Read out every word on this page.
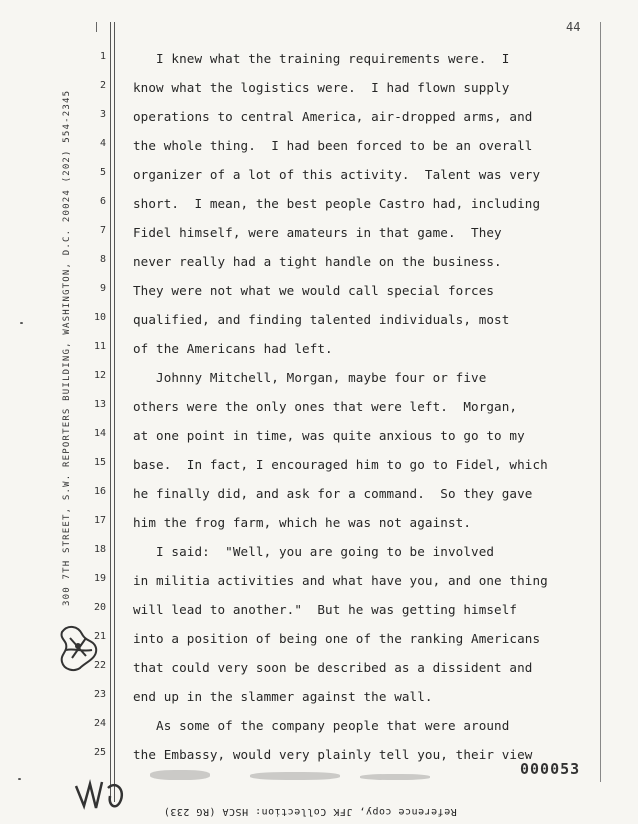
44
300 7TH STREET, S.W. REPORTERS BUILDING, WASHINGTON, D.C. 20024 (202) 554-2345
1
2
3
4
5
6
7
8
9
10
11
12
13
14
15
16
17
18
19
20
21
22
23
24
25
I knew what the training requirements were.  I
know what the logistics were.  I had flown supply
operations to central America, air-dropped arms, and
the whole thing.  I had been forced to be an overall
organizer of a lot of this activity.  Talent was very
short.  I mean, the best people Castro had, including
Fidel himself, were amateurs in that game.  They
never really had a tight handle on the business.
They were not what we would call special forces
qualified, and finding talented individuals, most
of the Americans had left.
Johnny Mitchell, Morgan, maybe four or five
others were the only ones that were left.  Morgan,
at one point in time, was quite anxious to go to my
base.  In fact, I encouraged him to go to Fidel, which
he finally did, and ask for a command.  So they gave
him the frog farm, which he was not against.
I said:  "Well, you are going to be involved
in militia activities and what have you, and one thing
will lead to another."  But he was getting himself
into a position of being one of the ranking Americans
that could very soon be described as a dissident and
end up in the slammer against the wall.
As some of the company people that were around
the Embassy, would very plainly tell you, their view
000053
Reference copy, JFK Collection: HSCA (RG 233)
